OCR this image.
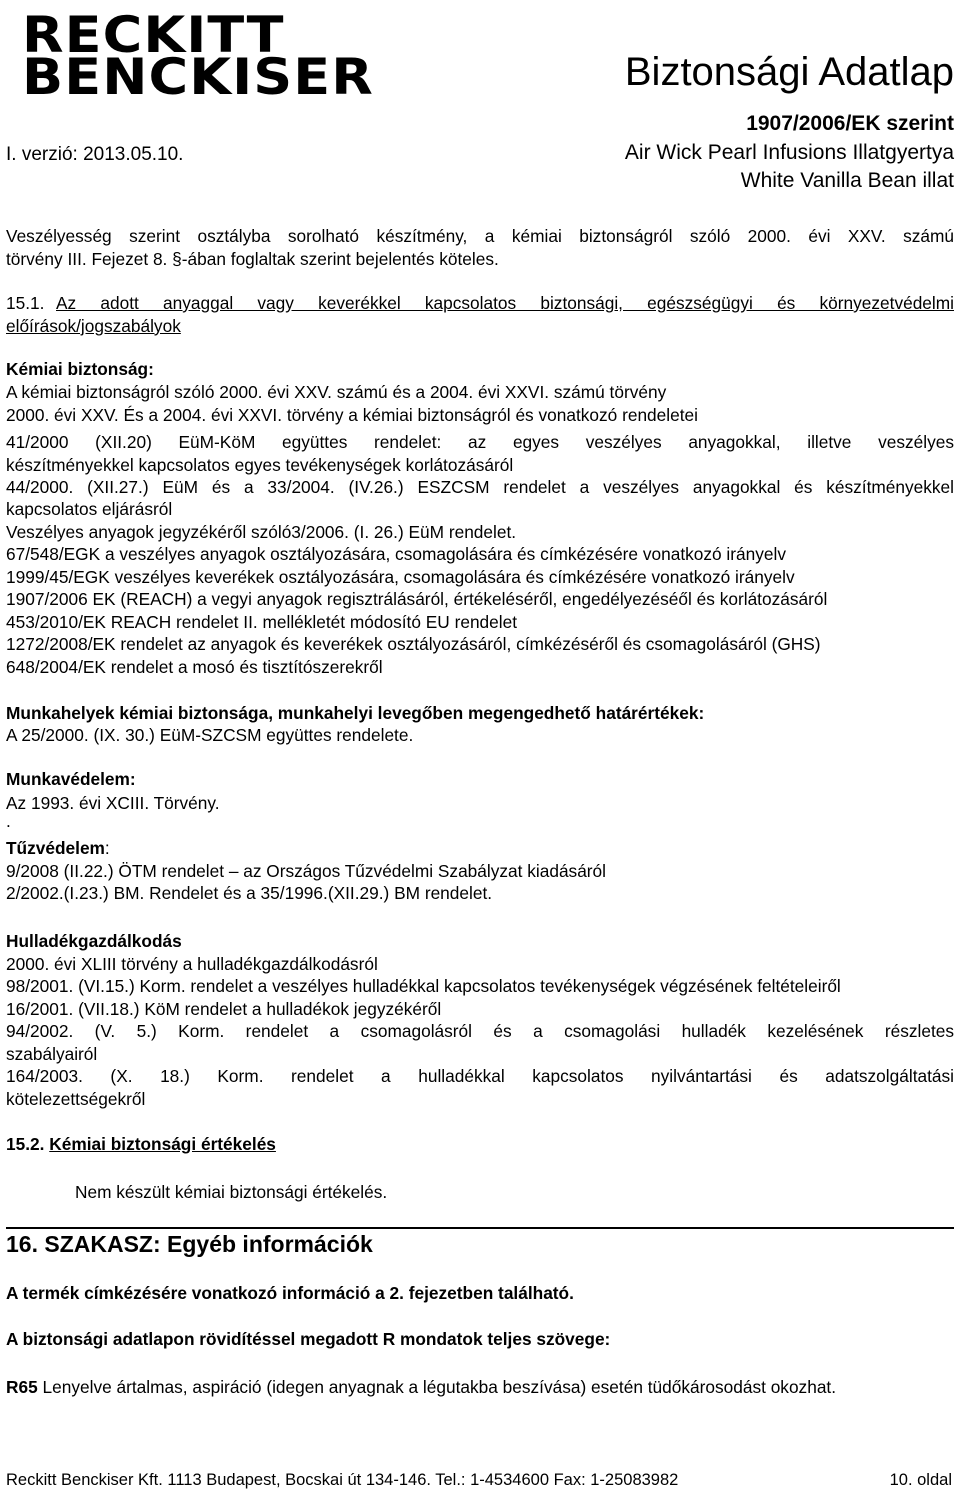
RECKITT
BENCKISER	Biztonsági Adatlap
1907/2006/EK szerint
I. verzió: 2013.05.10.	Air Wick Pearl Infusions Illatgyertya
White Vanilla Bean illat
Veszélyesség szerint osztályba sorolható készítmény, a kémiai biztonságról szóló 2000. évi XXV. számú
törvény III. Fejezet 8. §-ában foglaltak szerint bejelentés köteles.
15.1. Az adott anyaggal vagy keverékkel kapcsolatos biztonsági, egészségügyi és környezetvédelmi
előírások/jogszabályok
Kémiai biztonság:
A kémiai biztonságról szóló 2000. évi XXV. számú és a 2004. évi XXVI. számú törvény
2000. évi XXV. És a 2004. évi XXVI. törvény a kémiai biztonságról és vonatkozó rendeletei
41/2000 (XII.20) EüM-KöM együttes rendelet: az egyes veszélyes anyagokkal, illetve veszélyes
készítményekkel kapcsolatos egyes tevékenységek korlátozásáról
44/2000. (XII.27.) EüM és a 33/2004. (IV.26.) ESZCSM rendelet a veszélyes anyagokkal és készítményekkel
kapcsolatos eljárásról
Veszélyes anyagok jegyzékéről szóló3/2006. (I. 26.) EüM rendelet.
67/548/EGK a veszélyes anyagok osztályozására, csomagolására és címkézésére vonatkozó irányelv
1999/45/EGK veszélyes keverékek osztályozására, csomagolására és címkézésére vonatkozó irányelv
1907/2006 EK (REACH) a vegyi anyagok regisztrálásáról, értékeléséről, engedélyezéséől és korlátozásáról
453/2010/EK REACH rendelet II. mellékletét módosító EU rendelet
1272/2008/EK rendelet az anyagok és keverékek osztályozásáról, címkézéséről és csomagolásáról (GHS)
648/2004/EK rendelet a mosó és tisztítószerekről
Munkahelyek kémiai biztonsága, munkahelyi levegőben megengedhető határértékek:
A 25/2000. (IX. 30.) EüM-SZCSM együttes rendelete.
Munkavédelem:
Az 1993. évi XCIII. Törvény.
.
Tűzvédelem:
9/2008 (II.22.) ÖTM rendelet – az Országos Tűzvédelmi Szabályzat kiadásáról
2/2002.(I.23.) BM. Rendelet és a 35/1996.(XII.29.) BM rendelet.
Hulladékgazdálkodás
2000. évi XLIII törvény a hulladékgazdálkodásról
98/2001. (VI.15.) Korm. rendelet a veszélyes hulladékkal kapcsolatos tevékenységek végzésének feltételeiről
16/2001. (VII.18.) KöM rendelet a hulladékok jegyzékéről
94/2002. (V. 5.) Korm. rendelet a csomagolásról és a csomagolási hulladék kezelésének részletes
szabályairól
164/2003. (X. 18.) Korm. rendelet a hulladékkal kapcsolatos nyilvántartási és adatszolgáltatási
kötelezettségekről
15.2. Kémiai biztonsági értékelés
Nem készült kémiai biztonsági értékelés.
16. SZAKASZ: Egyéb információk
A termék címkézésére vonatkozó információ a 2. fejezetben található.
A biztonsági adatlapon rövidítéssel megadott R mondatok teljes szövege:
R65 Lenyelve ártalmas, aspiráció (idegen anyagnak a légutakba beszívása) esetén tüdőkárosodást okozhat.
Reckitt Benckiser Kft. 1113 Budapest, Bocskai út 134-146. Tel.: 1-4534600 Fax: 1-25083982	10. oldal
